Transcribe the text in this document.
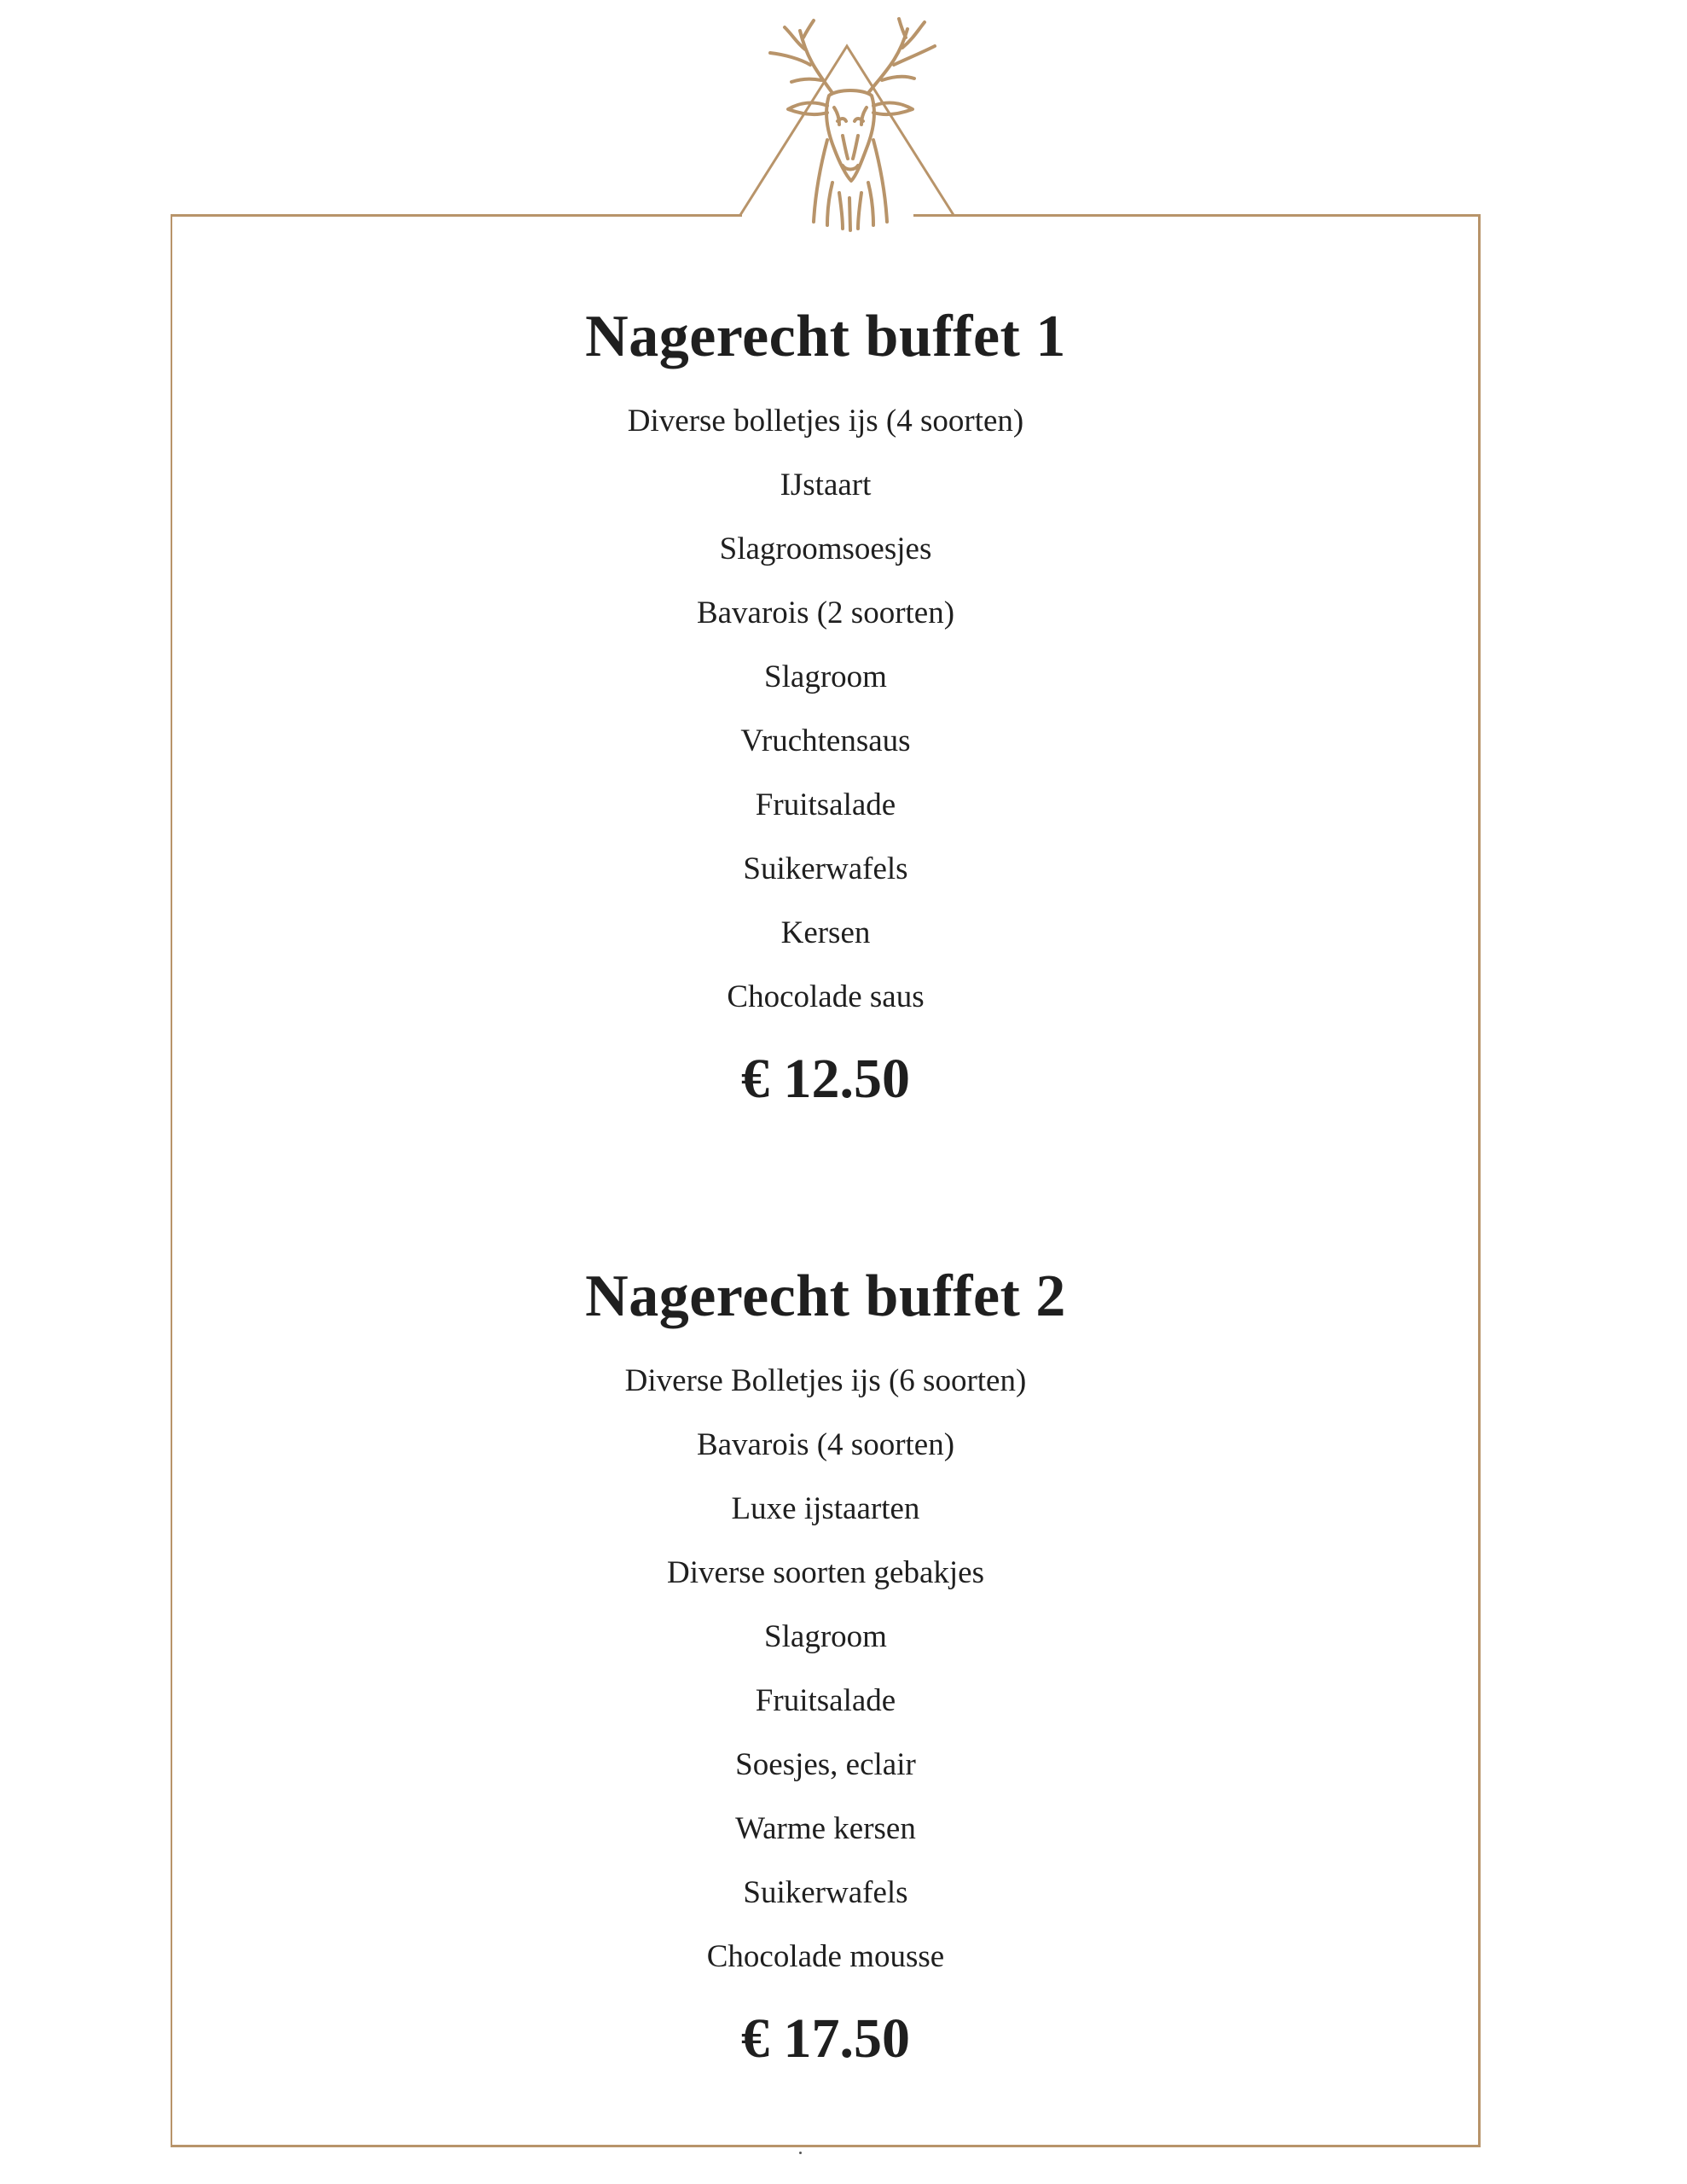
Nagerecht buffet 1

Diverse bolletjes ijs (4 soorten)

IJstaart

Slagroomsoesjes

Bavarois (2 soorten)

Slagroom

Vruchtensaus

Fruitsalade

Suikerwafels

Kersen

Chocolade saus

€ 12.50

Nagerecht buffet 2

Diverse Bolletjes ijs (6 soorten)

Bavarois (4 soorten)

Luxe ijstaarten

Diverse soorten gebakjes

Slagroom

Fruitsalade

Soesjes, eclair

Warme kersen

Suikerwafels

Chocolade mousse

€ 17.50
